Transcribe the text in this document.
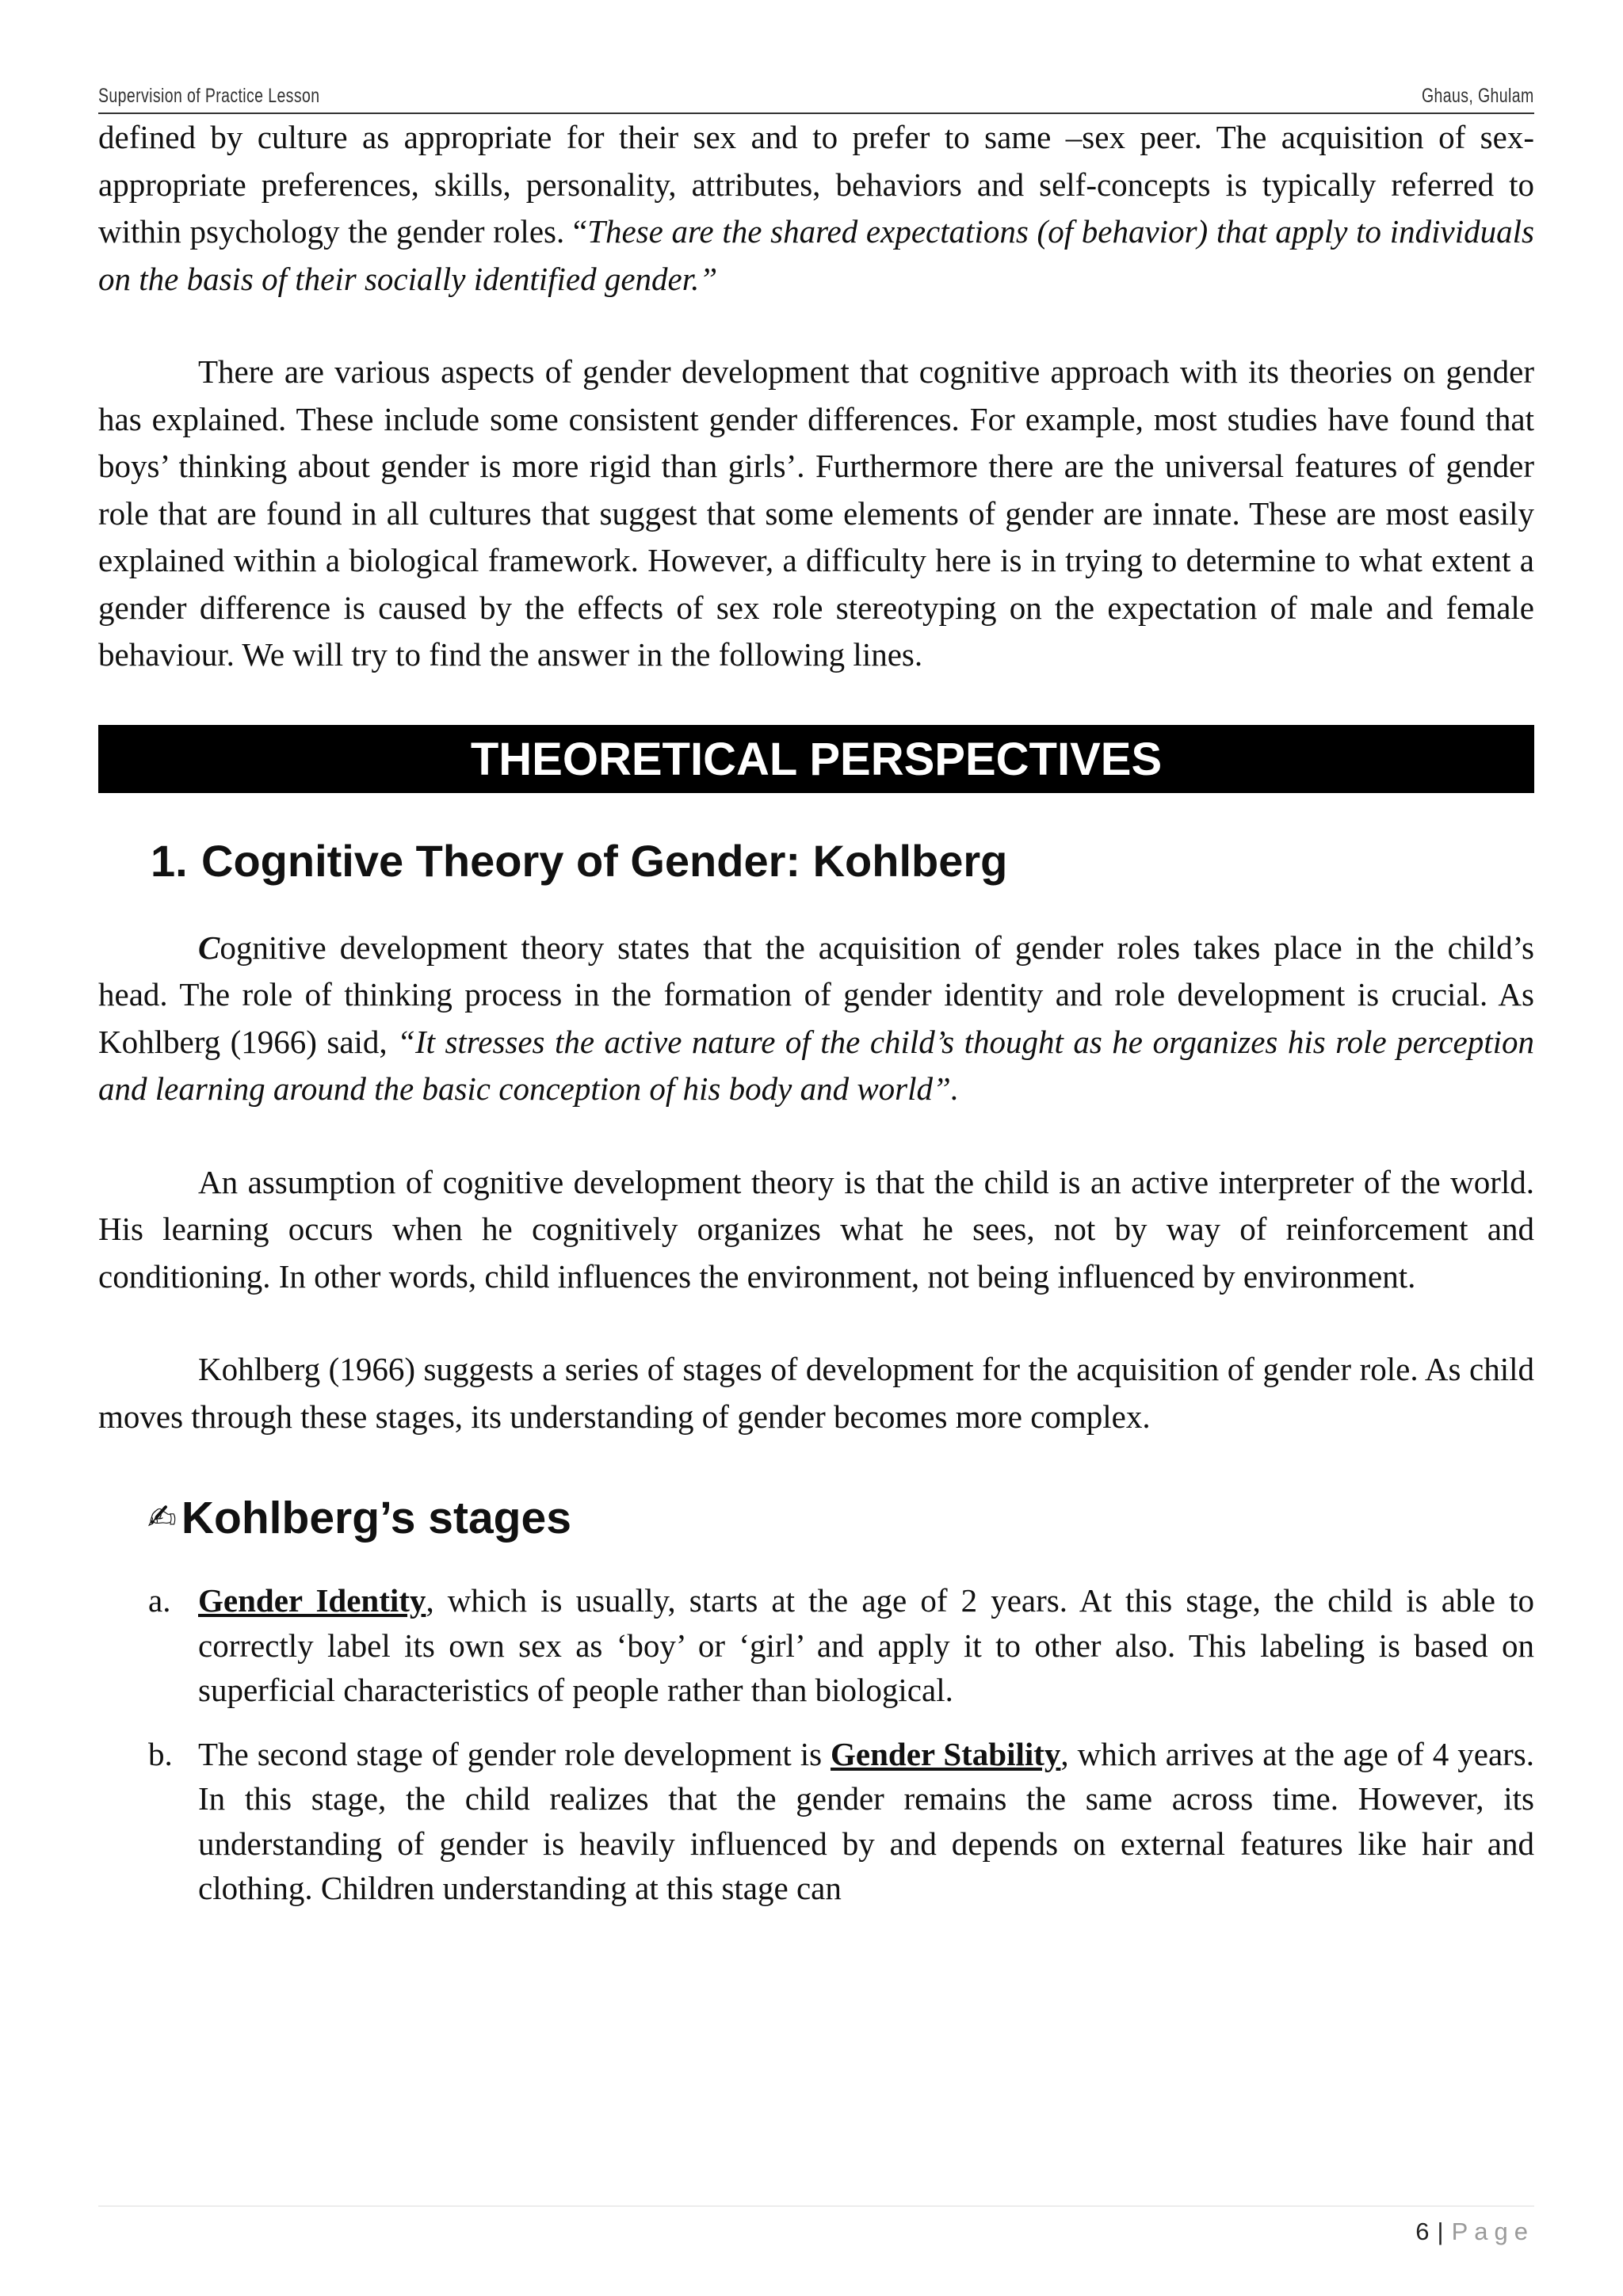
Supervision of Practice Lesson	Ghaus, Ghulam

defined by culture as appropriate for their sex and to prefer to same –sex peer. The acquisition of sex-appropriate preferences, skills, personality, attributes, behaviors and self-concepts is typically referred to within psychology the gender roles. “These are the shared expectations (of behavior) that apply to individuals on the basis of their socially identified gender.”

There are various aspects of gender development that cognitive approach with its theories on gender has explained. These include some consistent gender differences. For example, most studies have found that boys’ thinking about gender is more rigid than girls’. Furthermore there are the universal features of gender role that are found in all cultures that suggest that some elements of gender are innate. These are most easily explained within a biological framework. However, a difficulty here is in trying to determine to what extent a gender difference is caused by the effects of sex role stereotyping on the expectation of male and female behaviour. We will try to find the answer in the following lines.

THEORETICAL PERSPECTIVES
1. Cognitive Theory of Gender: Kohlberg

Cognitive development theory states that the acquisition of gender roles takes place in the child’s head. The role of thinking process in the formation of gender identity and role development is crucial. As Kohlberg (1966) said, “It stresses the active nature of the child’s thought as he organizes his role perception and learning around the basic conception of his body and world”.

An assumption of cognitive development theory is that the child is an active interpreter of the world. His learning occurs when he cognitively organizes what he sees, not by way of reinforcement and conditioning. In other words, child influences the environment, not being influenced by environment.

Kohlberg (1966) suggests a series of stages of development for the acquisition of gender role. As child moves through these stages, its understanding of gender becomes more complex.

✍ Kohlberg’s stages
a. Gender Identity, which is usually, starts at the age of 2 years. At this stage, the child is able to correctly label its own sex as ‘boy’ or ‘girl’ and apply it to other also. This labeling is based on superficial characteristics of people rather than biological.
b. The second stage of gender role development is Gender Stability, which arrives at the age of 4 years. In this stage, the child realizes that the gender remains the same across time. However, its understanding of gender is heavily influenced by and depends on external features like hair and clothing. Children understanding at this stage can
6 | Page
